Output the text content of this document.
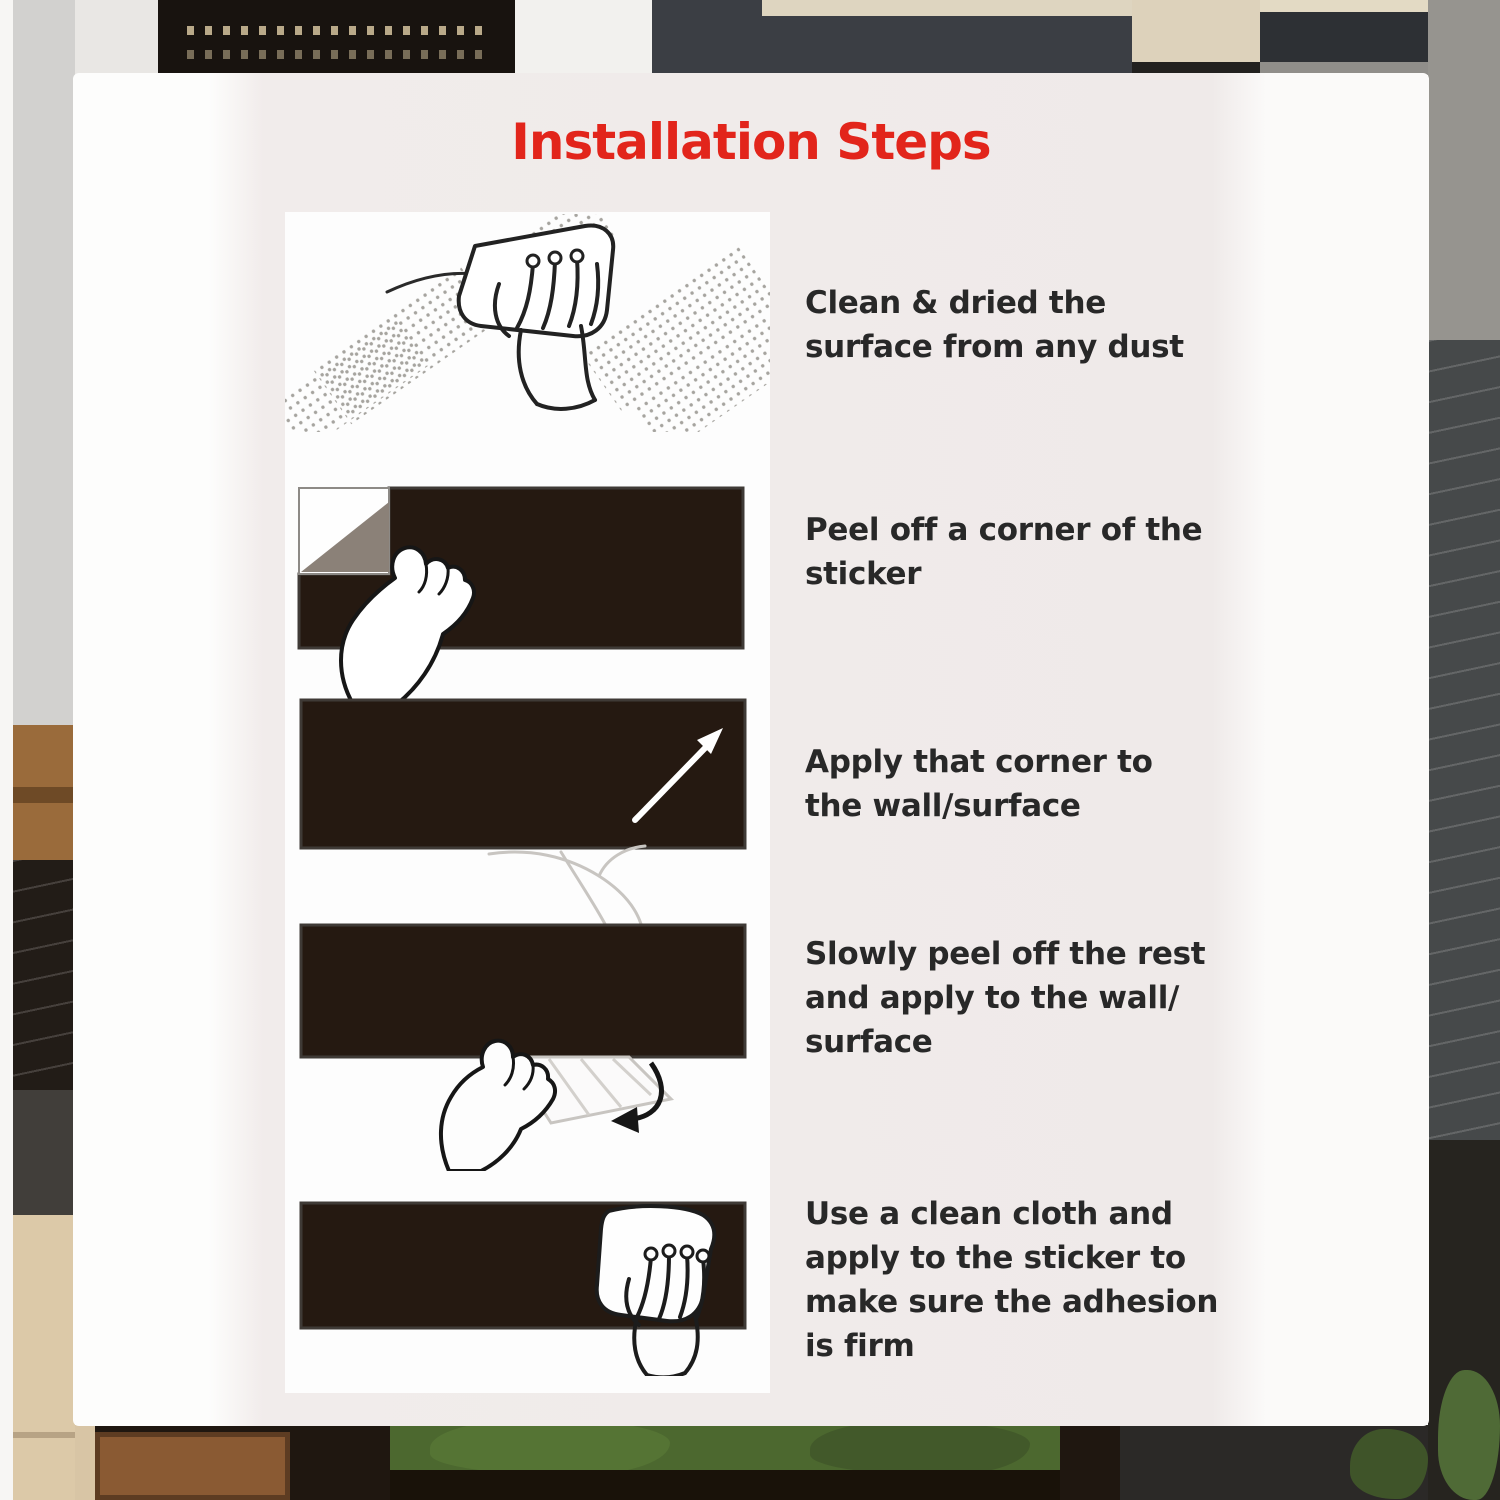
Installation Steps
Clean & dried the
surface from any dust
Peel off a corner of the
sticker
Apply that corner to
the wall/surface
Slowly peel off the rest
and apply to the wall/
surface
Use a clean cloth and
apply to the sticker to
make sure the adhesion
is firm
